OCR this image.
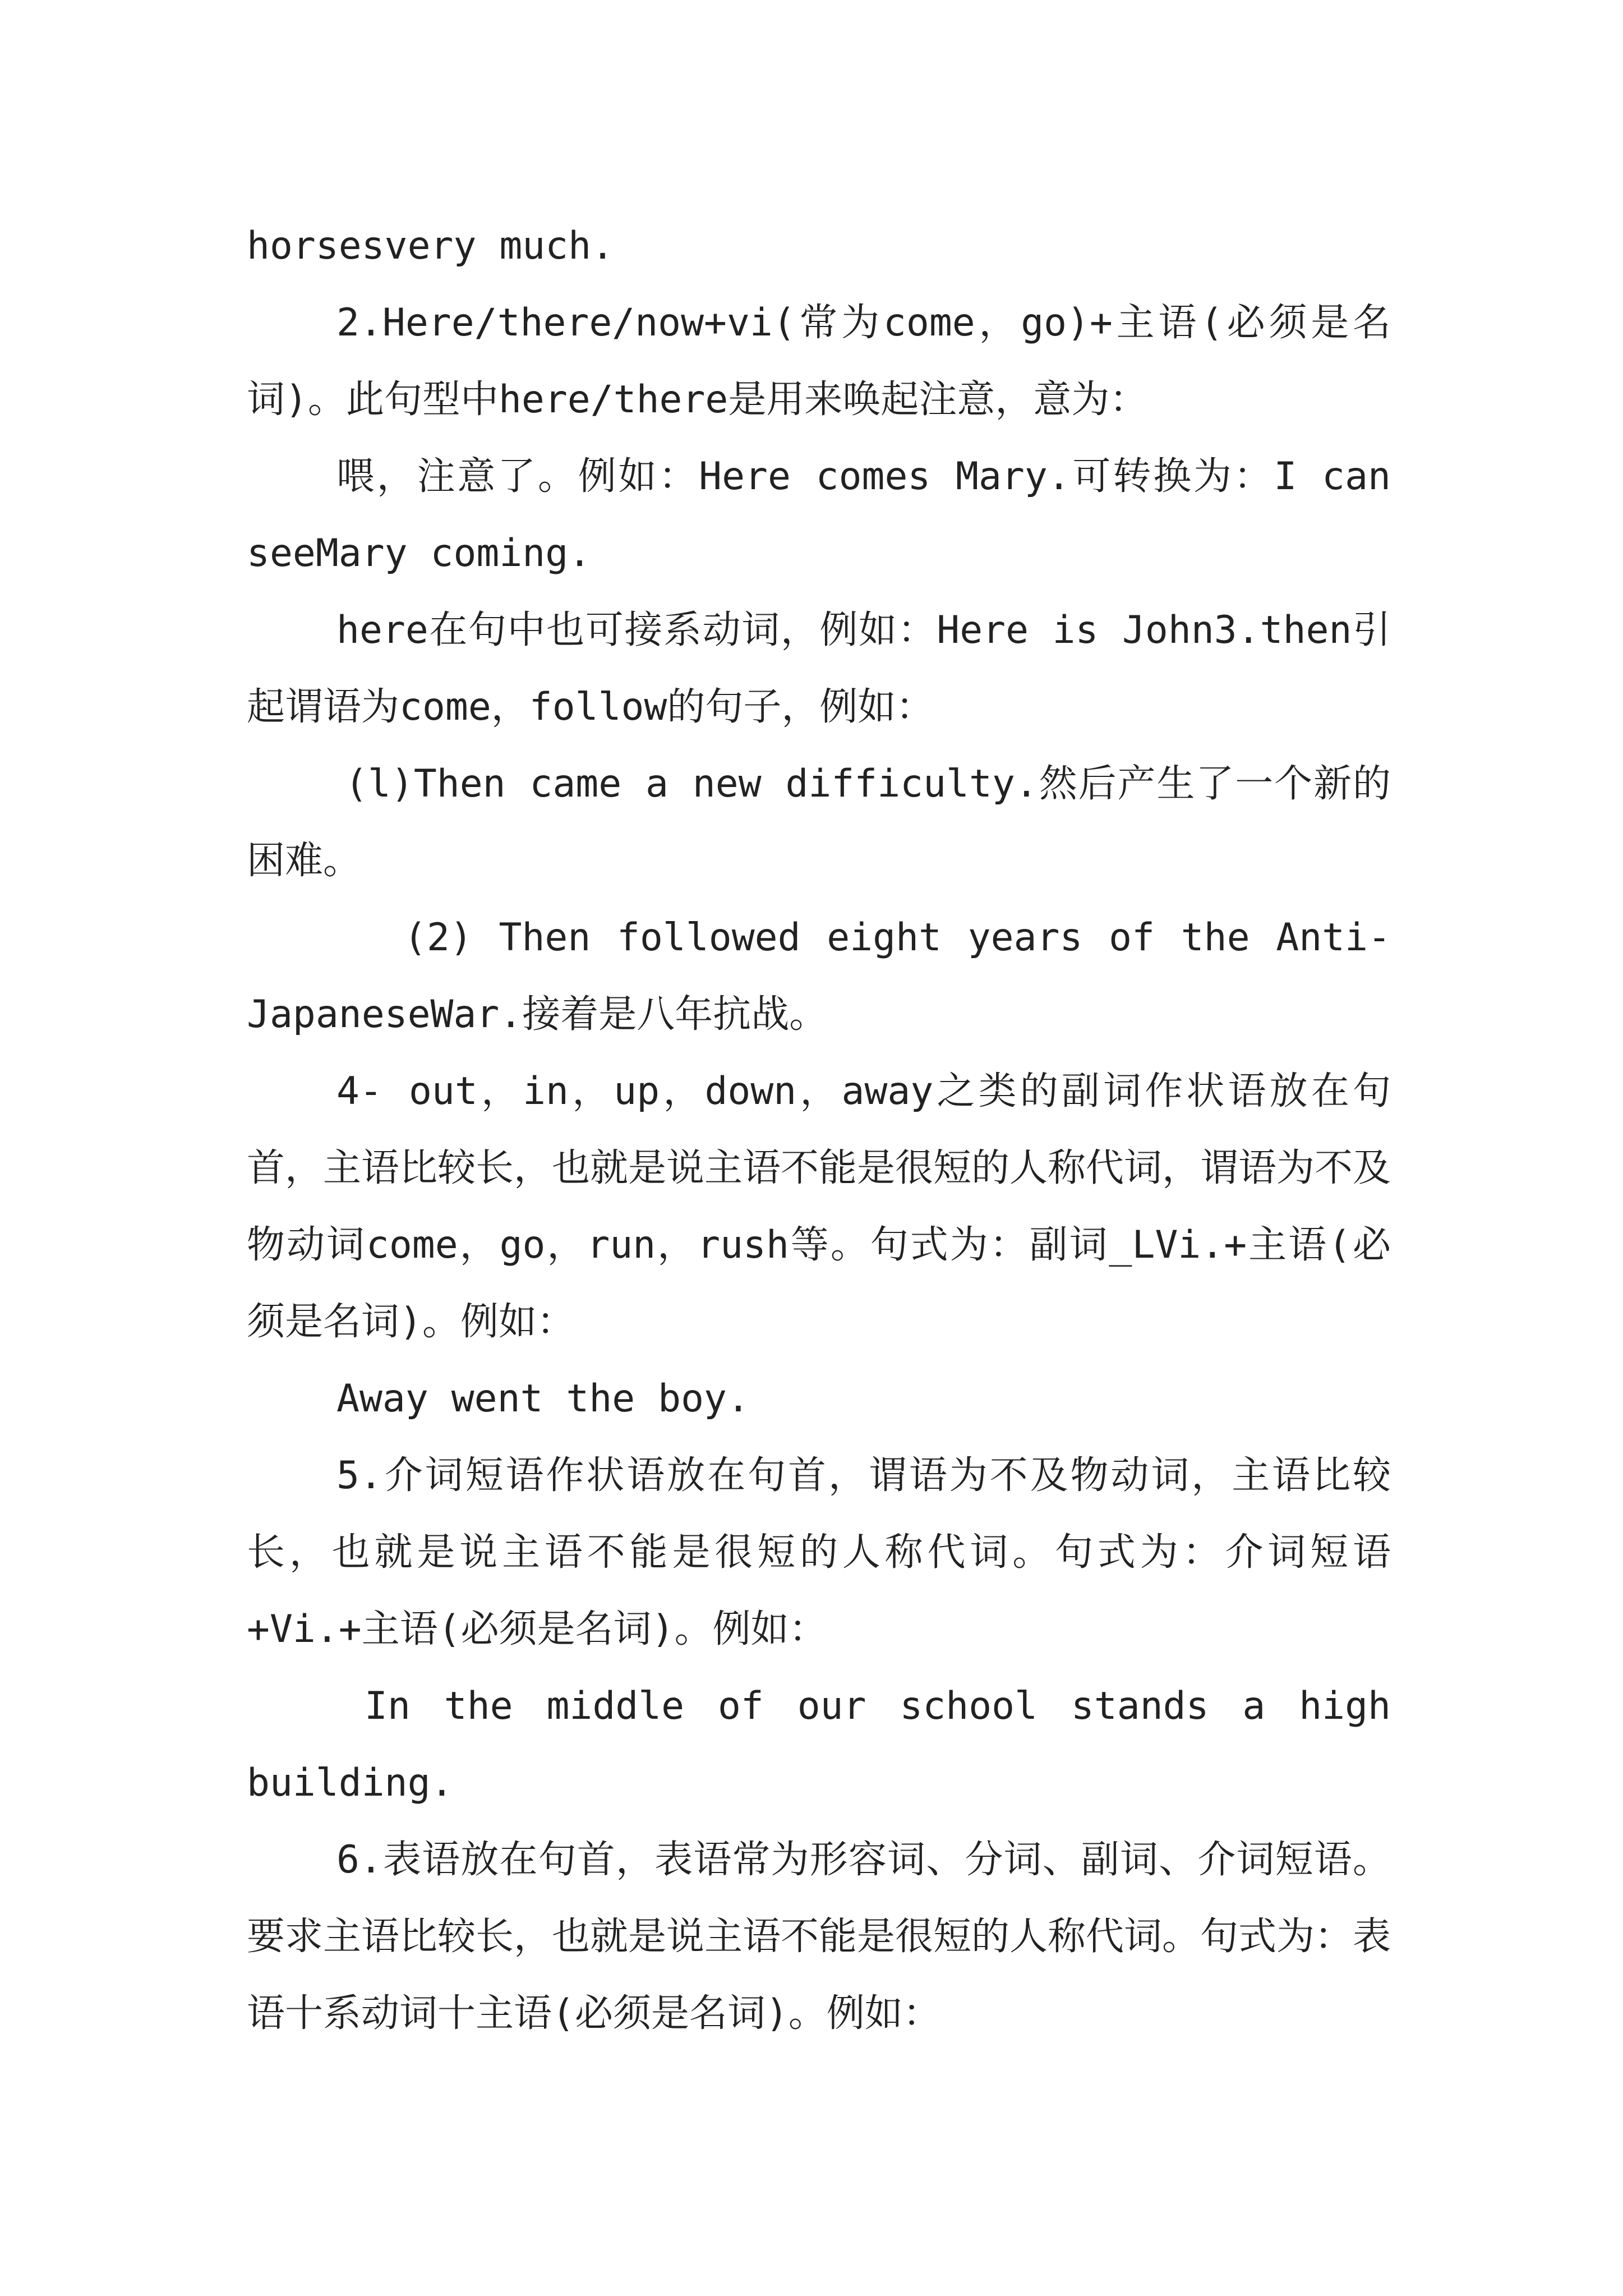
horsesvery much.

2.Here/there/now+vi(常为come，go)+主语(必须是名词)。此句型中here/there是用来唤起注意，意为：

喂，注意了。例如：Here comes Mary.可转换为：I can seeMary coming.

here在句中也可接系动词，例如：Here is John3.then引起谓语为come，follow的句子，例如：

(l)Then came a new difficulty.然后产生了一个新的困难。

(2) Then followed eight years of the Anti-JapaneseWar.接着是八年抗战。

4- out，in，up，down，away之类的副词作状语放在句首，主语比较长，也就是说主语不能是很短的人称代词，谓语为不及物动词come，go，run，rush等。句式为：副词_LVi.+主语(必须是名词)。例如：

Away went the boy.

5.介词短语作状语放在句首，谓语为不及物动词，主语比较长，也就是说主语不能是很短的人称代词。句式为：介词短语+Vi.+主语(必须是名词)。例如：

In the middle of our school stands a high building.

6.表语放在句首，表语常为形容词、分词、副词、介词短语。要求主语比较长，也就是说主语不能是很短的人称代词。句式为：表语十系动词十主语(必须是名词)。例如：
